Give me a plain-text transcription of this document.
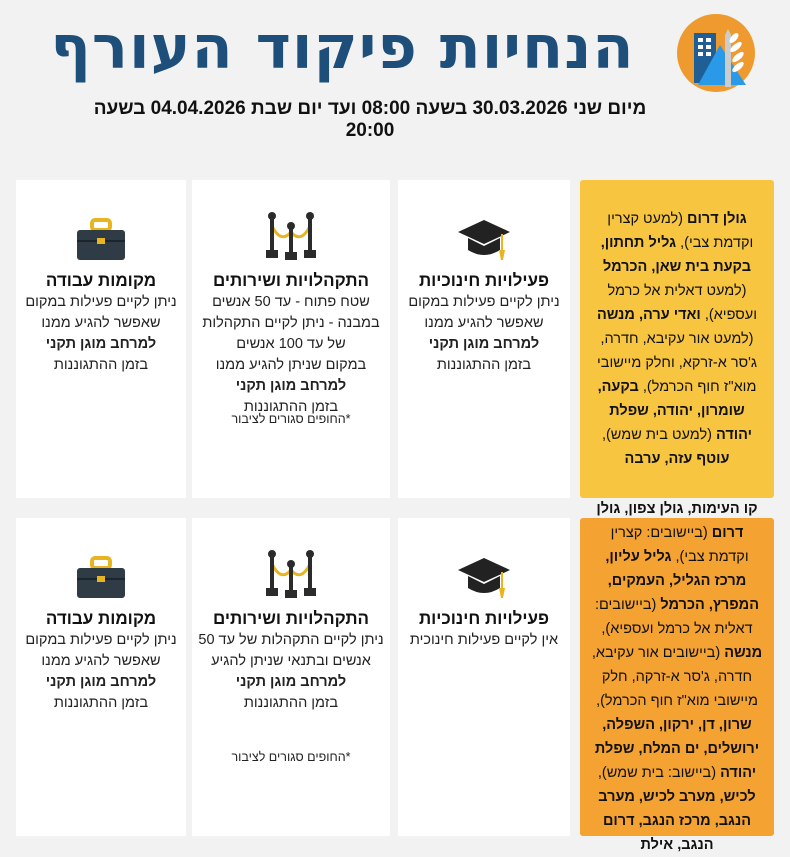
הנחיות פיקוד העורף
מיום שני 30.03.2026 בשעה 08:00 ועד יום שבת 04.04.2026 בשעה 20:00
גולן דרום (למעט קצרין וקדמת צבי), גליל תחתון, בקעת בית שאן, הכרמל (למעט דאלית אל כרמל ועספיא), ואדי ערה, מנשה (למעט אור עקיבא, חדרה, ג'סר א-זרקא, וחלק מיישובי מוא"ז חוף הכרמל), בקעה, שומרון, יהודה, שפלת יהודה (למעט בית שמש), עוטף עזה, ערבה
פעילויות חינוכיות

ניתן לקיים פעילות במקום

שאפשר להגיע ממנו

למרחב מוגן תקני

בזמן ההתגוננות

התקהלויות ושירותים

שטח פתוח - עד 50 אנשים

במבנה - ניתן לקיים התקהלות

של עד 100 אנשים

במקום שניתן להגיע ממנו

למרחב מוגן תקני

בזמן ההתגוננות

*החופים סגורים לציבור
מקומות עבודה

ניתן לקיים פעילות במקום

שאפשר להגיע ממנו

למרחב מוגן תקני

בזמן ההתגוננות

קו העימות, גולן צפון, גולן דרום (ביישובים: קצרין וקדמת צבי), גליל עליון, מרכז הגליל, העמקים, המפרץ, הכרמל (ביישובים: דאלית אל כרמל ועספיא), מנשה (ביישובים אור עקיבא, חדרה, ג'סר א-זרקה, חלק מיישובי מוא"ז חוף הכרמל), שרון, דן, ירקון, השפלה, ירושלים, ים המלח, שפלת יהודה (ביישוב: בית שמש), לכיש, מערב לכיש, מערב הנגב, מרכז הנגב, דרום הנגב, אילת
פעילויות חינוכיות

אין לקיים פעילות חינוכית

התקהלויות ושירותים

ניתן לקיים התקהלות של עד 50

אנשים ובתנאי שניתן להגיע

למרחב מוגן תקני

בזמן ההתגוננות

*החופים סגורים לציבור
מקומות עבודה

ניתן לקיים פעילות במקום

שאפשר להגיע ממנו

למרחב מוגן תקני

בזמן ההתגוננות
